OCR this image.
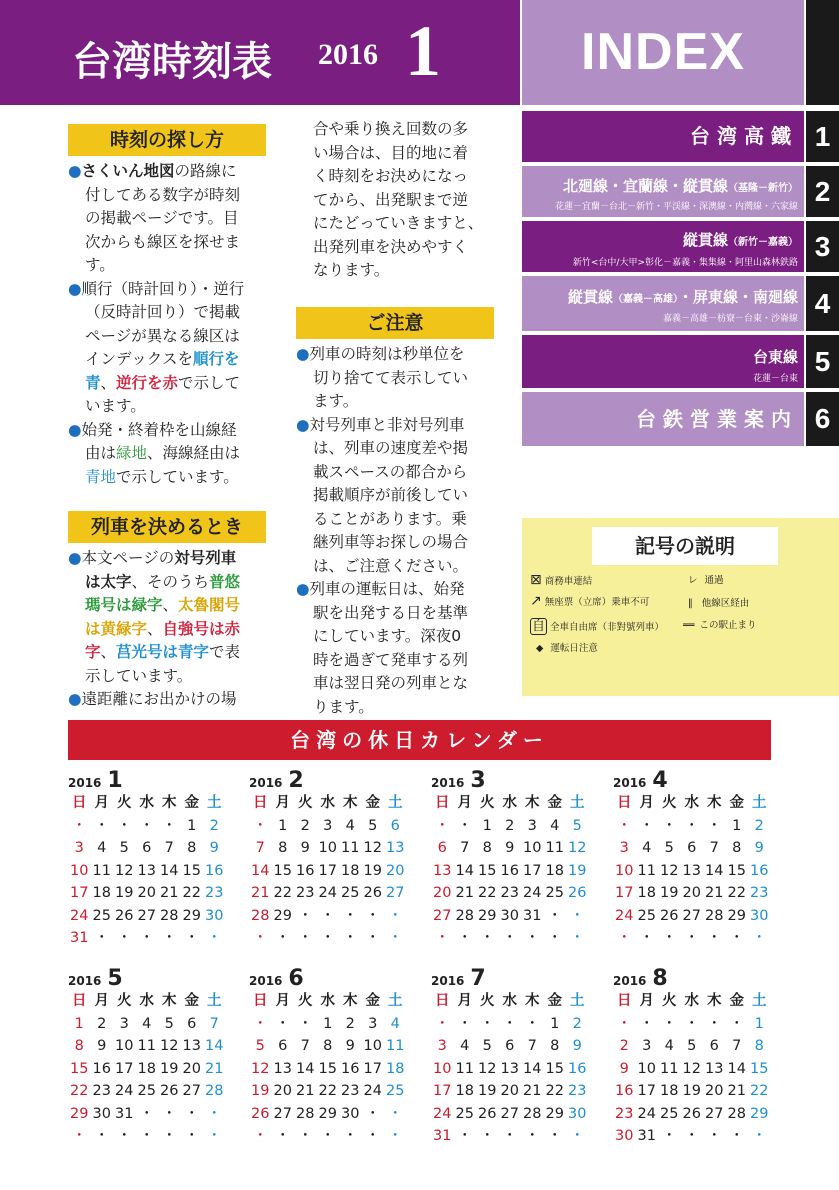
台湾時刻表 2016 1	INDEX
台湾高鐵 1
北廻線・宜蘭線・縦貫線（基隆－新竹）
花蓮－宜蘭－台北－新竹・平渓線・深澳線・内灣線・六家線 2
縦貫線（新竹－嘉義）
新竹<台中/大甲>彰化－嘉義・集集線・阿里山森林鉄路
3
縦貫線（嘉義－高雄）・屏東線・南廻線
嘉義－高雄－枋寮－台東・沙崙線 4
台東線
花蓮－台東
5
台鉄営業案内 6
時刻の探し方

●さくいん地図の路線に

付してある数字が時刻

の掲載ページです。目

次からも線区を探せま

す。

●順行（時計回り）・逆行

（反時計回り）で掲載

ページが異なる線区は

インデックスを順行を

青、逆行を赤で示して

います。

●始発・終着枠を山線経

由は緑地、海線経由は

青地で示しています。

列車を決めるとき

●本文ページの対号列車

は太字、そのうち普悠

瑪号は緑字、太魯閣号

は黄緑字、自強号は赤

字、莒光号は青字で表

示しています。

●遠距離にお出かけの場

合や乗り換え回数の多

い場合は、目的地に着

く時刻をお決めになっ

てから、出発駅まで逆

にたどっていきますと、

出発列車を決めやすく

なります。

ご注意

●列車の時刻は秒単位を

切り捨てて表示してい

ます。

●対号列車と非対号列車

は、列車の速度差や掲

載スペースの都合から

掲載順序が前後してい

ることがあります。乗

継列車等お探しの場合

は、ご注意ください。

●列車の運転日は、始発

駅を出発する日を基準

にしています。深夜0

時を過ぎて発車する列

車は翌日発の列車とな

ります。

記号の説明
⊠ 商務車連結
↗ 無座票（立席）乗車不可
自 全車自由席（非對號列車）
◆ 運転日注意
レ 通過
‖ 他線区経由
══ この駅止まり
台湾の休日カレンダー
2016 1
日 月 火 水 木 金 土
・ ・ ・ ・ ・ 1 2
3 4 5 6 7 8 9
10 11 12 13 14 15 16
17 18 19 20 21 22 23
24 25 26 27 28 29 30
31 ・ ・ ・ ・ ・ ・
2016 2
日 月 火 水 木 金 土
・ 1 2 3 4 5 6
7 8 9 10 11 12 13
14 15 16 17 18 19 20
21 22 23 24 25 26 27
28 29 ・ ・ ・ ・ ・
・ ・ ・ ・ ・ ・ ・
2016 3
日 月 火 水 木 金 土
・ ・ 1 2 3 4 5
6 7 8 9 10 11 12
13 14 15 16 17 18 19
20 21 22 23 24 25 26
27 28 29 30 31 ・ ・
・ ・ ・ ・ ・ ・ ・
2016 4
日 月 火 水 木 金 土
・ ・ ・ ・ ・ 1 2
3 4 5 6 7 8 9
10 11 12 13 14 15 16
17 18 19 20 21 22 23
24 25 26 27 28 29 30
・ ・ ・ ・ ・ ・ ・
2016 5
日 月 火 水 木 金 土
1 2 3 4 5 6 7
8 9 10 11 12 13 14
15 16 17 18 19 20 21
22 23 24 25 26 27 28
29 30 31 ・ ・ ・ ・
・ ・ ・ ・ ・ ・ ・
2016 6
日 月 火 水 木 金 土
・ ・ ・ 1 2 3 4
5 6 7 8 9 10 11
12 13 14 15 16 17 18
19 20 21 22 23 24 25
26 27 28 29 30 ・ ・
・ ・ ・ ・ ・ ・ ・
2016 7
日 月 火 水 木 金 土
・ ・ ・ ・ ・ 1 2
3 4 5 6 7 8 9
10 11 12 13 14 15 16
17 18 19 20 21 22 23
24 25 26 27 28 29 30
31 ・ ・ ・ ・ ・ ・
2016 8
日 月 火 水 木 金 土
・ ・ ・ ・ ・ ・ 1
2 3 4 5 6 7 8
9 10 11 12 13 14 15
16 17 18 19 20 21 22
23 24 25 26 27 28 29
30 31 ・ ・ ・ ・ ・
